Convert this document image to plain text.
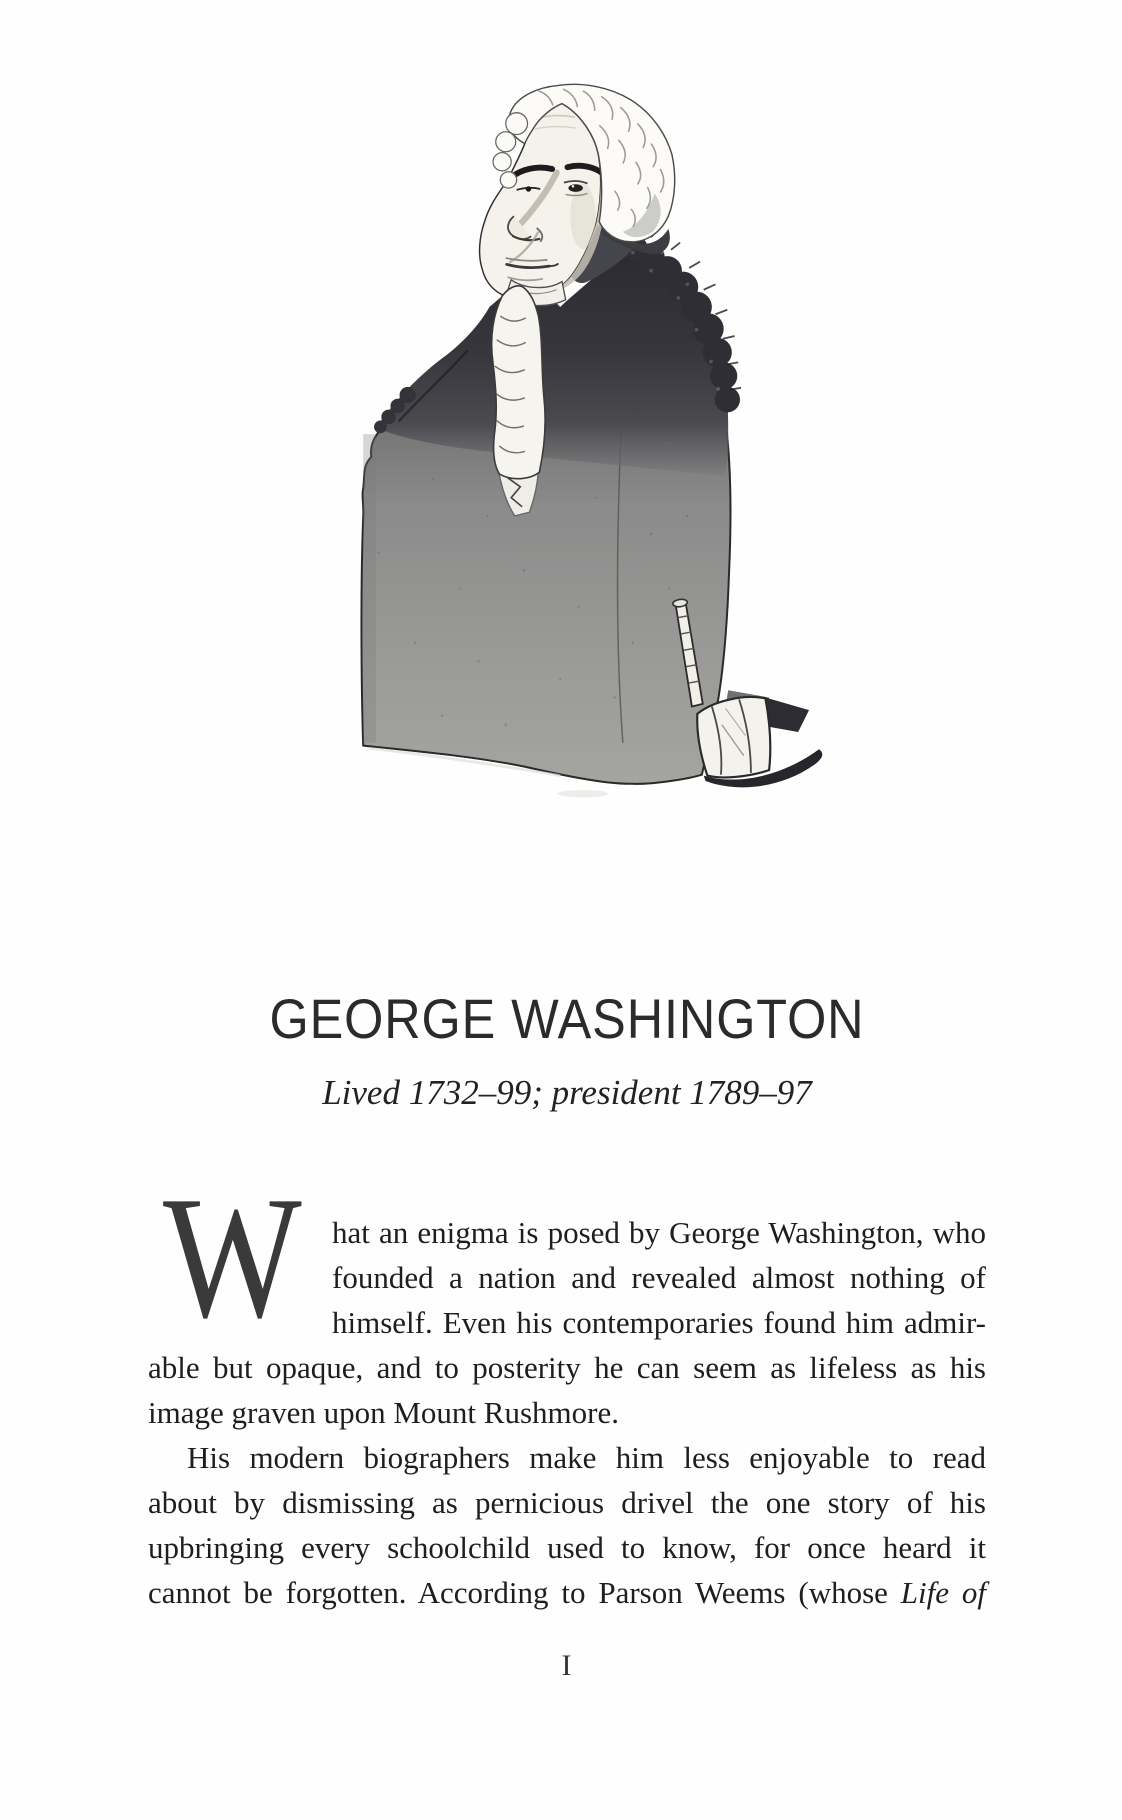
GEORGE WASHINGTON
Lived 1732–99; president 1789–97
W hat an enigma is posed by George Washington, who
founded a nation and revealed almost nothing of
himself. Even his contemporaries found him admir-
able but opaque, and to posterity he can seem as lifeless as his
image graven upon Mount Rushmore.
His modern biographers make him less enjoyable to read
about by dismissing as pernicious drivel the one story of his
upbringing every schoolchild used to know, for once heard it
cannot be forgotten. According to Parson Weems (whose Life of
I
